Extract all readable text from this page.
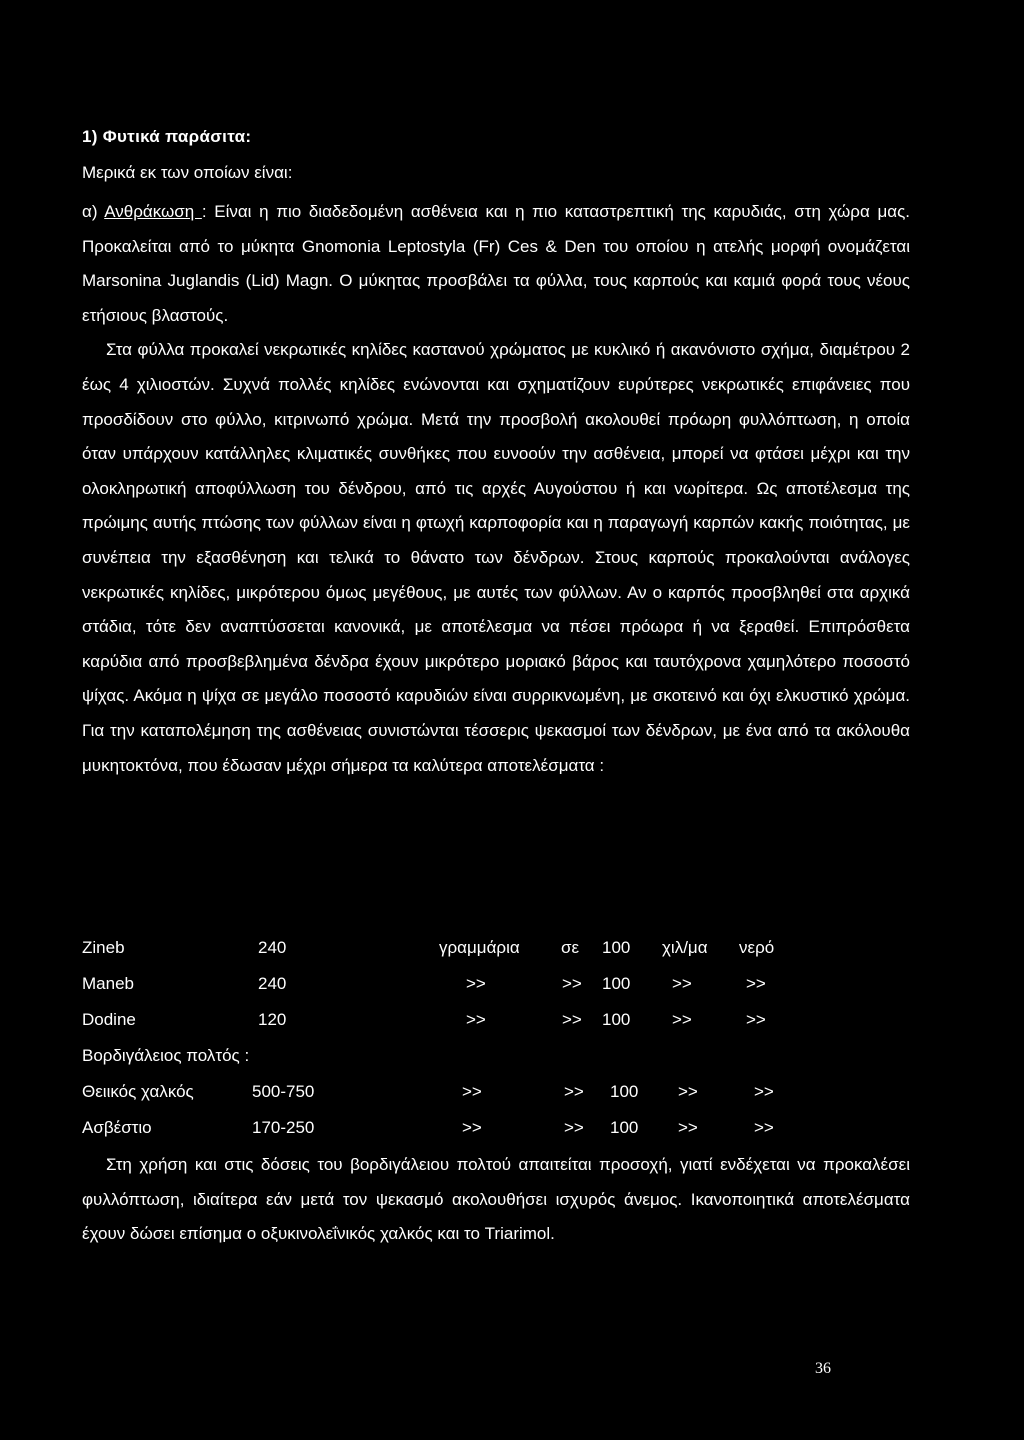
1) Φυτικά παράσιτα:
Μερικά εκ των οποίων είναι:

α) Ανθράκωση : Είναι η πιο διαδεδομένη ασθένεια και η πιο καταστρεπτική της καρυδιάς, στη χώρα μας. Προκαλείται από το μύκητα Gnomonia Leptostyla (Fr) Ces & Den του οποίου η ατελής μορφή ονομάζεται Marsonina Juglandis (Lid) Magn. Ο μύκητας προσβάλει τα φύλλα, τους καρπούς και καμιά φορά τους νέους ετήσιους βλαστούς.

Στα φύλλα προκαλεί νεκρωτικές κηλίδες καστανού χρώματος με κυκλικό ή ακανόνιστο σχήμα, διαμέτρου 2 έως 4 χιλιοστών. Συχνά πολλές κηλίδες ενώνονται και σχηματίζουν ευρύτερες νεκρωτικές επιφάνειες που προσδίδουν στο φύλλο, κιτρινωπό χρώμα. Μετά την προσβολή ακολουθεί πρόωρη φυλλόπτωση, η οποία όταν υπάρχουν κατάλληλες κλιματικές συνθήκες που ευνοούν την ασθένεια, μπορεί να φτάσει μέχρι και την ολοκληρωτική αποφύλλωση του δένδρου, από τις αρχές Αυγούστου ή και νωρίτερα. Ως αποτέλεσμα της πρώιμης αυτής πτώσης των φύλλων είναι η φτωχή καρποφορία και η παραγωγή καρπών κακής ποιότητας, με συνέπεια την εξασθένηση και τελικά το θάνατο των δένδρων. Στους καρπούς προκαλούνται ανάλογες νεκρωτικές κηλίδες, μικρότερου όμως μεγέθους, με αυτές των φύλλων. Αν ο καρπός προσβληθεί στα αρχικά στάδια, τότε δεν αναπτύσσεται κανονικά, με αποτέλεσμα να πέσει πρόωρα ή να ξεραθεί. Επιπρόσθετα καρύδια από προσβεβλημένα δένδρα έχουν μικρότερο μοριακό βάρος και ταυτόχρονα χαμηλότερο ποσοστό ψίχας. Ακόμα η ψίχα σε μεγάλο ποσοστό καρυδιών είναι συρρικνωμένη, με σκοτεινό και όχι ελκυστικό χρώμα. Για την καταπολέμηση της ασθένειας συνιστώνται τέσσερις ψεκασμοί των δένδρων, με ένα από τα ακόλουθα μυκητοκτόνα, που έδωσαν μέχρι σήμερα τα καλύτερα αποτελέσματα :

Zineb	240	γραμμάρια σε 100 χιλ/μα νερό
Maneb	240	>>	>> 100 >>	>>
Dodine	120	>>	>> 100 >>	>>
Βορδιγάλειος πολτός :
Θειικός χαλκός	500-750	>>	>> 100 >>	>>
Ασβέστιο	170-250	>>	>> 100 >>	>>

Στη χρήση και στις δόσεις του βορδιγάλειου πολτού απαιτείται προσοχή, γιατί ενδέχεται να προκαλέσει φυλλόπτωση, ιδιαίτερα εάν μετά τον ψεκασμό ακολουθήσει ισχυρός άνεμος. Ικανοποιητικά αποτελέσματα έχουν δώσει επίσημα ο οξυκινολεΐνικός χαλκός και το Triarimol.

36
